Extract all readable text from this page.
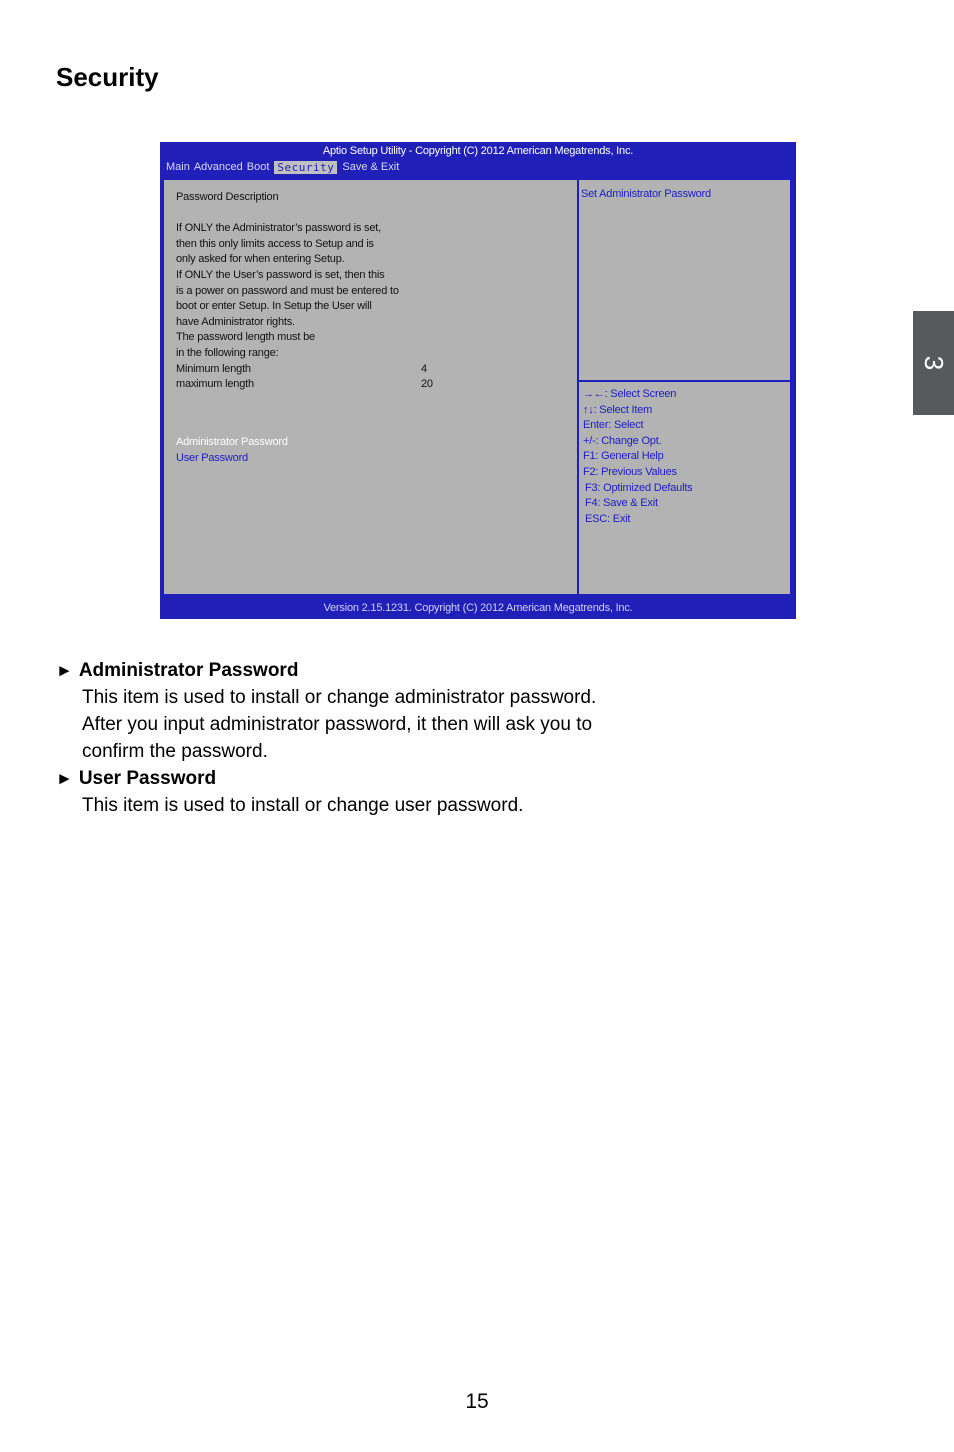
Security
3
Aptio Setup Utility - Copyright (C) 2012 American Megatrends, Inc.
Main Advanced Boot Security Save & Exit
Password Description
If ONLY the Administrator’s password is set,
then this only limits access to Setup and is
only asked for when entering Setup.
If ONLY the User’s password is set, then this
is a power on password and must be entered to
boot or enter Setup. In Setup the User will
have Administrator rights.
The password length must be
in the following range:
Minimum length	4
maximum length	20
Administrator Password
User Password
Set Administrator Password
→←: Select Screen
↑↓: Select Item
Enter: Select
+/-: Change Opt.
F1: General Help
F2: Previous Values
F3: Optimized Defaults
F4: Save & Exit
ESC: Exit
Version 2.15.1231. Copyright (C) 2012 American Megatrends, Inc.
► Administrator Password
This item is used to install or change administrator password.
After you input administrator password, it then will ask you to
confirm the password.
► User Password
This item is used to install or change user password.
15
